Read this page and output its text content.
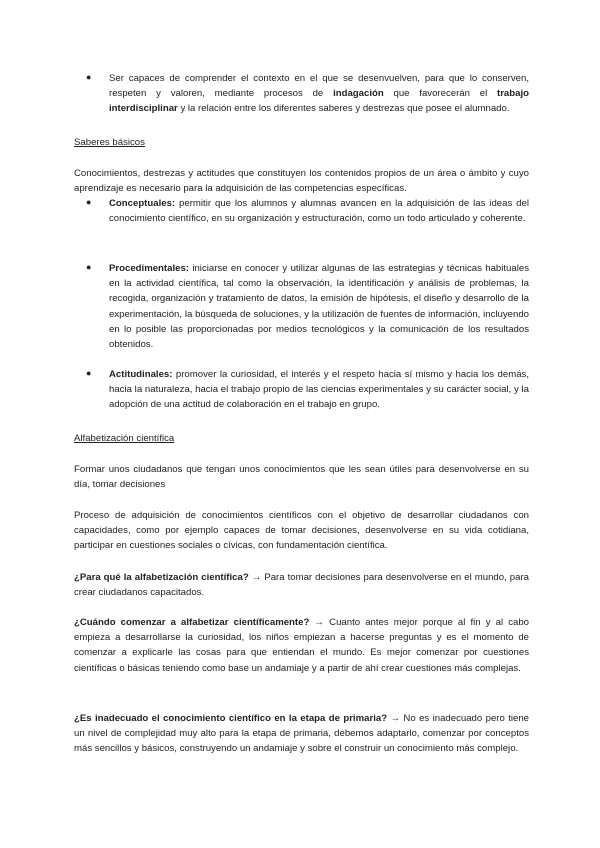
● Ser capaces de comprender el contexto en el que se desenvuelven, para que lo conserven, respeten y valoren, mediante procesos de indagación que favorecerán el trabajo interdisciplinar y la relación entre los diferentes saberes y destrezas que posee el alumnado.
Saberes básicos
Conocimientos, destrezas y actitudes que constituyen los contenidos propios de un área o ámbito y cuyo aprendizaje es necesario para la adquisición de las competencias específicas.
● Conceptuales: permitir que los alumnos y alumnas avancen en la adquisición de las ideas del conocimiento científico, en su organización y estructuración, como un todo articulado y coherente.
● Procedimentales: iniciarse en conocer y utilizar algunas de las estrategias y técnicas habituales en la actividad científica, tal como la observación, la identificación y análisis de problemas, la recogida, organización y tratamiento de datos, la emisión de hipótesis, el diseño y desarrollo de la experimentación, la búsqueda de soluciones, y la utilización de fuentes de información, incluyendo en lo posible las proporcionadas por medios tecnológicos y la comunicación de los resultados obtenidos.
● Actitudinales: promover la curiosidad, el interés y el respeto hacia sí mismo y hacia los demás, hacia la naturaleza, hacia el trabajo propio de las ciencias experimentales y su carácter social, y la adopción de una actitud de colaboración en el trabajo en grupo.
Alfabetización científica
Formar unos ciudadanos que tengan unos conocimientos que les sean útiles para desenvolverse en su día, tomar decisiones
Proceso de adquisición de conocimientos científicos con el objetivo de desarrollar ciudadanos con capacidades, como por ejemplo capaces de tomar decisiones, desenvolverse en su vida cotidiana, participar en cuestiones sociales o cívicas, con fundamentación científica.
¿Para qué la alfabetización científica? → Para tomar decisiones para desenvolverse en el mundo, para crear ciudadanos capacitados.
¿Cuándo comenzar a alfabetizar científicamente? → Cuanto antes mejor porque al fin y al cabo empieza a desarrollarse la curiosidad, los niños empiezan a hacerse preguntas y es el momento de comenzar a explicarle las cosas para que entiendan el mundo. Es mejor comenzar por cuestiones científicas o básicas teniendo como base un andamiaje y a partir de ahí crear cuestiones más complejas.
¿Es inadecuado el conocimiento científico en la etapa de primaria? → No es inadecuado pero tiene un nivel de complejidad muy alto para la etapa de primaria, debemos adaptarlo, comenzar por conceptos más sencillos y básicos, construyendo un andamiaje y sobre el construir un conocimiento más complejo.
